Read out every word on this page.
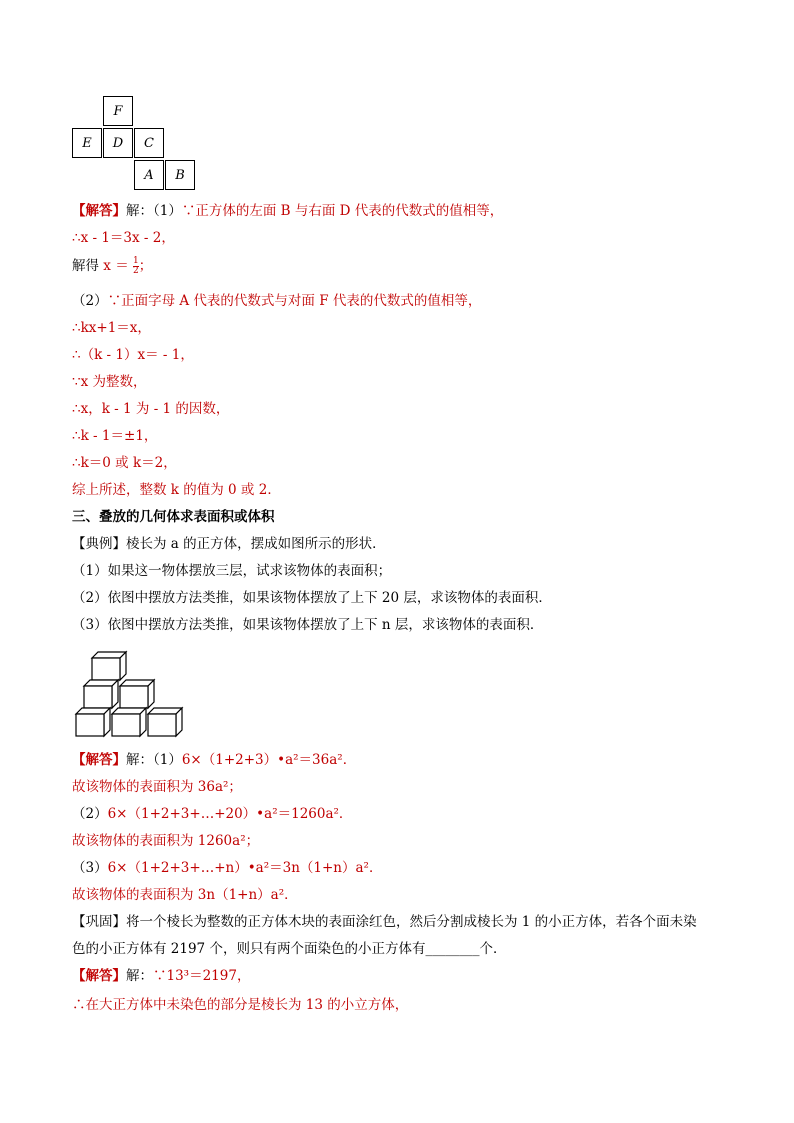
F
E D C
A B
【解答】解：（1）∵正方体的左面 B 与右面 D 代表的代数式的值相等，
∴x - 1＝3x - 2，
解得 $x = \frac{1}{2}$ ；
（2）∵正面字母 A 代表的代数式与对面 F 代表的代数式的值相等，
∴kx+1＝x，
∴（k - 1）x＝ - 1，
∵x 为整数，
∴x，k - 1 为 - 1 的因数，
∴k - 1＝±1，
∴k＝0 或 k＝2，
综上所述，整数 k 的值为 0 或 2．
三、叠放的几何体求表面积或体积
【典例】棱长为 a 的正方体，摆成如图所示的形状．
（1）如果这一物体摆放三层，试求该物体的表面积；
（2）依图中摆放方法类推，如果该物体摆放了上下 20 层，求该物体的表面积．
（3）依图中摆放方法类推，如果该物体摆放了上下 n 层，求该物体的表面积．
【解答】解：（1）6×（1+2+3）•a²＝36a²．
故该物体的表面积为 36a²；
（2）6×（1+2+3+…+20）•a²＝1260a²．
故该物体的表面积为 1260a²；
（3）6×（1+2+3+…+n）•a²＝3n（1+n）a²．
故该物体的表面积为 3n（1+n）a²．
【巩固】将一个棱长为整数的正方体木块的表面涂红色，然后分割成棱长为 1 的小正方体，若各个面未染
色的小正方体有 2197 个，则只有两个面染色的小正方体有________个．
【解答】解：∵13³＝2197，
∴在大正方体中未染色的部分是棱长为 13 的小立方体，
